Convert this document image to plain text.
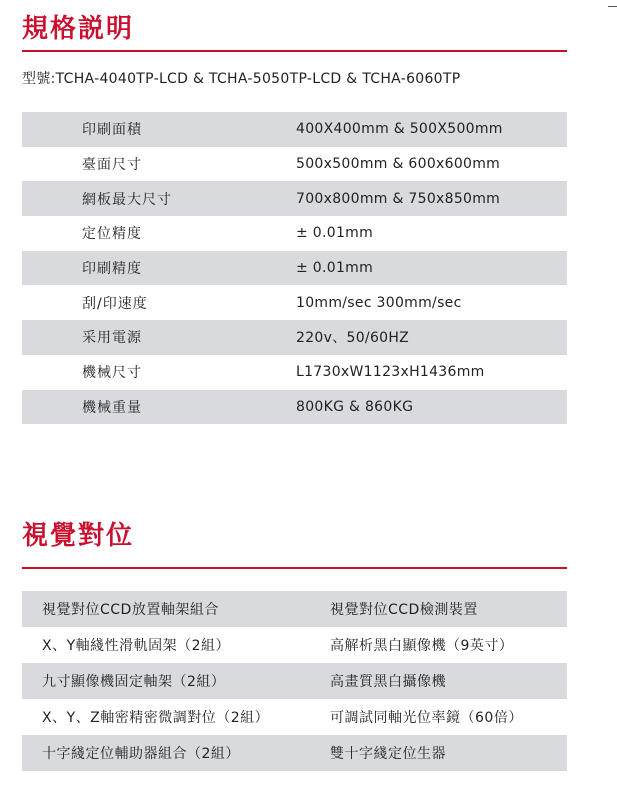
規格説明
型號:TCHA-4040TP-LCD & TCHA-5050TP-LCD & TCHA-6060TP
印刷面積	400X400mm & 500X500mm
臺面尺寸	500x500mm & 600x600mm
網板最大尺寸	700x800mm & 750x850mm
定位精度	± 0.01mm
印刷精度	± 0.01mm
刮/印速度	10mm/sec 300mm/sec
采用電源	220v、50/60HZ
機械尺寸	L1730xW1123xH1436mm
機械重量	800KG & 860KG
視覺對位
視覺對位CCD放置軸架組合	視覺對位CCD檢測裝置
X、Y軸綫性滑軌固架（2組）	高解析黑白顯像機（9英寸）
九寸顯像機固定軸架（2組）	高畫質黑白攝像機
X、Y、Z軸密精密微調對位（2組）	可調試同軸光位率鏡（60倍）
十字綫定位輔助器組合（2組）	雙十字綫定位生器
